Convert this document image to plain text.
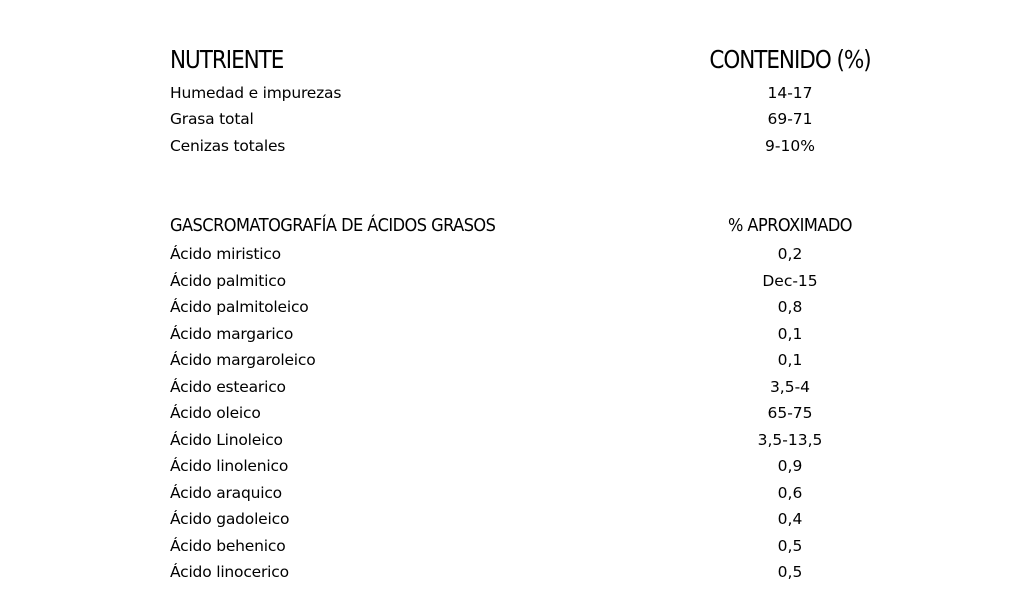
NUTRIENTE	CONTENIDO (%)
Humedad e impurezas	14-17
Grasa total	69-71
Cenizas totales	9-10%
GASCROMATOGRAFÍA DE ÁCIDOS GRASOS	% APROXIMADO
Ácido miristico	0,2
Ácido palmitico	Dec-15
Ácido palmitoleico	0,8
Ácido margarico	0,1
Ácido margaroleico	0,1
Ácido estearico	3,5-4
Ácido oleico	65-75
Ácido Linoleico	3,5-13,5
Ácido linolenico	0,9
Ácido araquico	0,6
Ácido gadoleico	0,4
Ácido behenico	0,5
Ácido linocerico	0,5
